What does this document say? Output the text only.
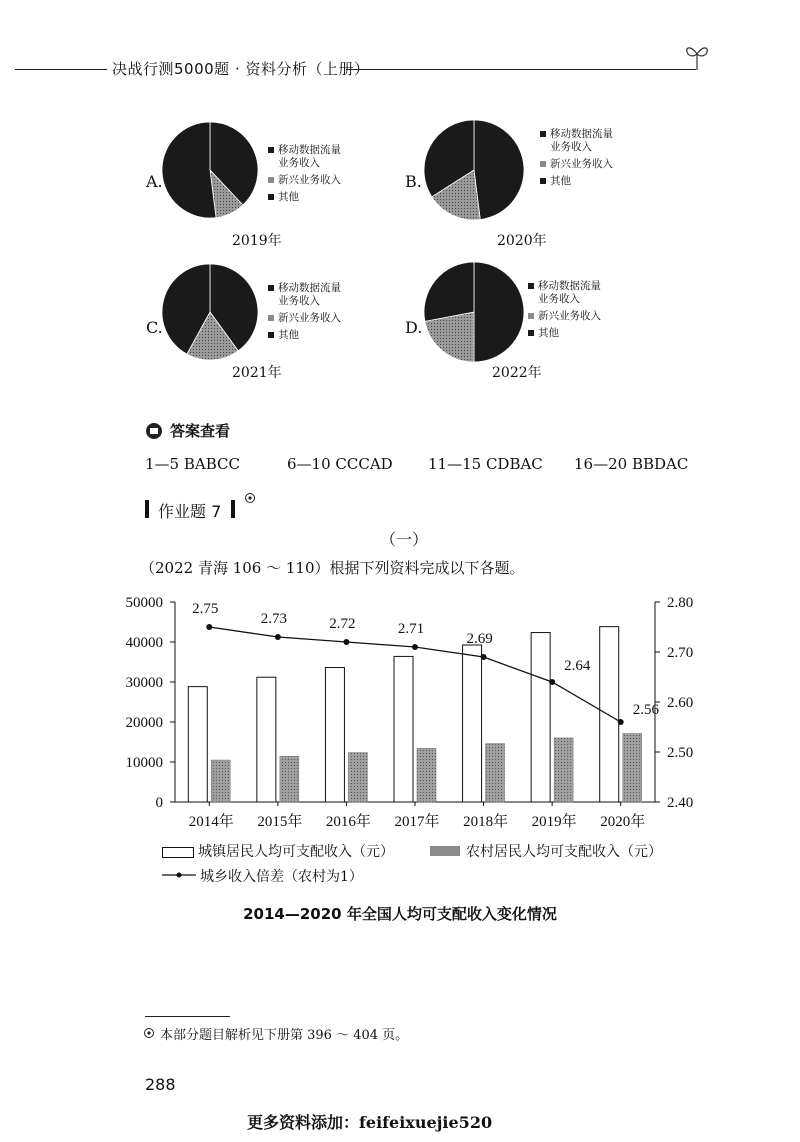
决战行测5000题 · 资料分析（上册）
A.
移动数据流量业务收入
新兴业务收入
其他
2019年
B.
移动数据流量业务收入
新兴业务收入
其他
2020年
C.
移动数据流量业务收入
新兴业务收入
其他
2021年
D.
移动数据流量业务收入
新兴业务收入
其他
2022年
答案查看
1—5 BABCC	6—10 CCCAD 11—15 CDBAC 16—20 BBDAC
作业题 7
（一）
（2022 青海 106 ～ 110）根据下列资料完成以下各题。
50000
40000
30000
20000
10000
0
2.80
2.70
2.60
2.50
2.40
2014年 2015年 2016年 2017年 2018年 2019年 2020年
2.75
2.73	2.72	2.71
2.69
2.64
2.56
城镇居民人均可支配收入（元）	农村居民人均可支配收入（元）
城乡收入倍差（农村为1）
2014—2020 年全国人均可支配收入变化情况
本部分题目解析见下册第 396 ～ 404 页。
288
更多资料添加：feifeixuejie520
